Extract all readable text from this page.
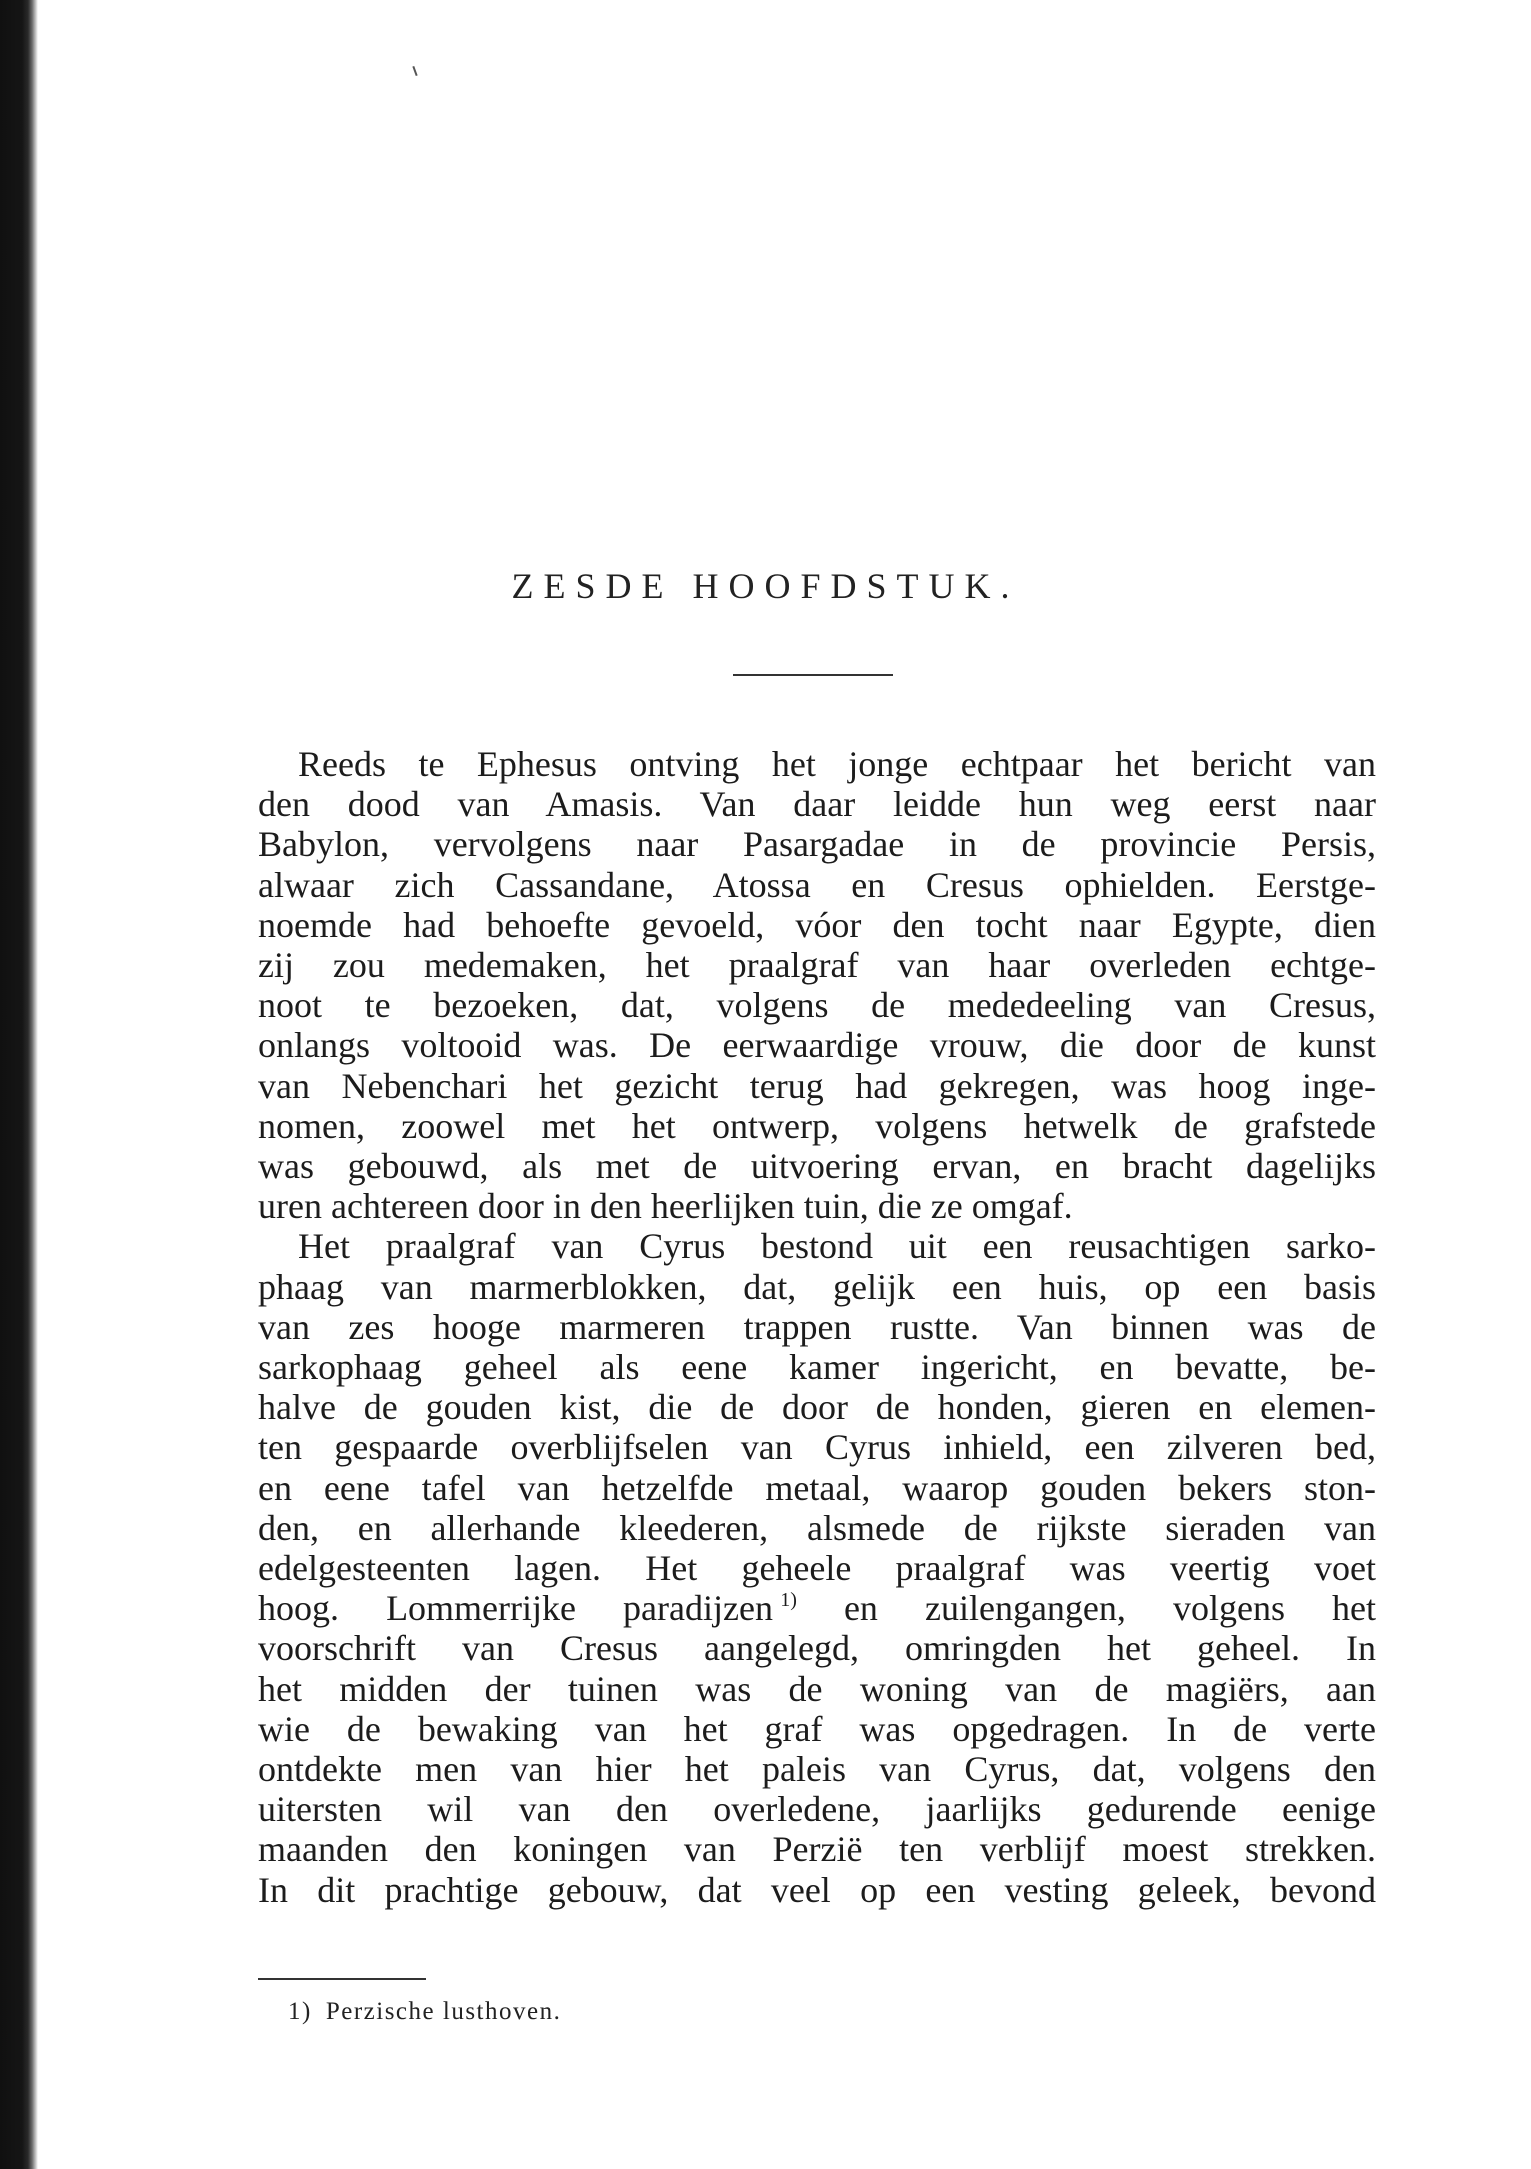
ZESDE HOOFDSTUK.
Reeds te Ephesus ontving het jonge echtpaar het bericht van
den dood van Amasis. Van daar leidde hun weg eerst naar
Babylon, vervolgens naar Pasargadae in de provincie Persis,
alwaar zich Cassandane, Atossa en Cresus ophielden. Eerstge-
noemde had behoefte gevoeld, vóor den tocht naar Egypte, dien
zij zou medemaken, het praalgraf van haar overleden echtge-
noot te bezoeken, dat, volgens de mededeeling van Cresus,
onlangs voltooid was. De eerwaardige vrouw, die door de kunst
van Nebenchari het gezicht terug had gekregen, was hoog inge-
nomen, zoowel met het ontwerp, volgens hetwelk de grafstede
was gebouwd, als met de uitvoering ervan, en bracht dagelijks
uren achtereen door in den heerlijken tuin, die ze omgaf.
Het praalgraf van Cyrus bestond uit een reusachtigen sarko-
phaag van marmerblokken, dat, gelijk een huis, op een basis
van zes hooge marmeren trappen rustte. Van binnen was de
sarkophaag geheel als eene kamer ingericht, en bevatte, be-
halve de gouden kist, die de door de honden, gieren en elemen-
ten gespaarde overblijfselen van Cyrus inhield, een zilveren bed,
en eene tafel van hetzelfde metaal, waarop gouden bekers ston-
den, en allerhande kleederen, alsmede de rijkste sieraden van
edelgesteenten lagen. Het geheele praalgraf was veertig voet
hoog. Lommerrijke paradijzen  $^{1)}$ en zuilengangen, volgens het
voorschrift van Cresus aangelegd, omringden het geheel. In
het midden der tuinen was de woning van de magiërs, aan
wie de bewaking van het graf was opgedragen. In de verte
ontdekte men van hier het paleis van Cyrus, dat, volgens den
uitersten wil van den overledene, jaarlijks gedurende eenige
maanden den koningen van Perzië ten verblijf moest strekken.
In dit prachtige gebouw, dat veel op een vesting geleek, bevond

1) Perzische lusthoven.
